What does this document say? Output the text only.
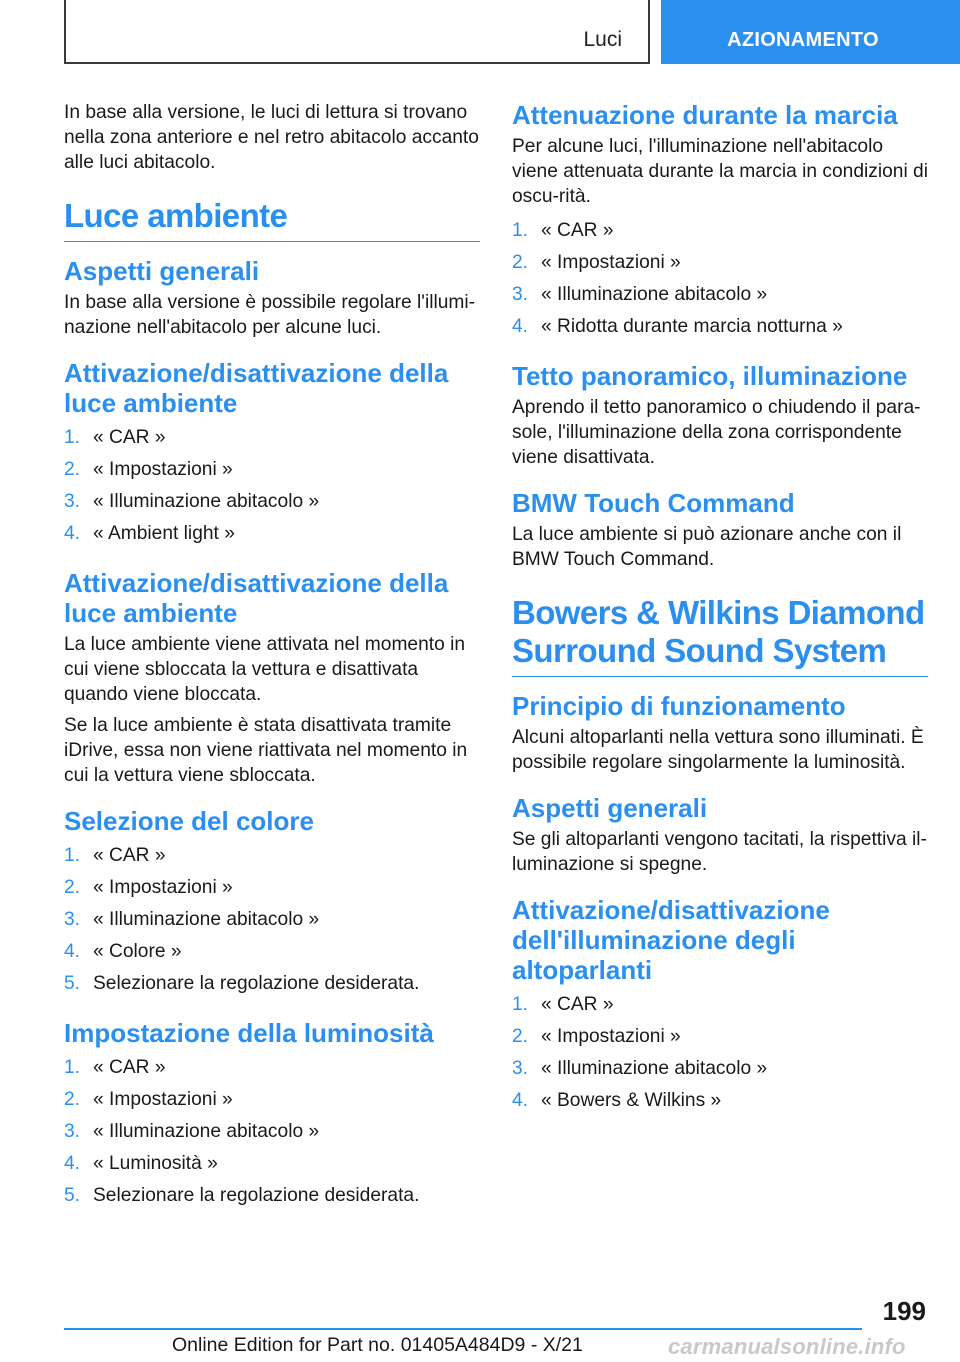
Luci	AZIONAMENTO

In base alla versione, le luci di lettura si trovano nella zona anteriore e nel retro abitacolo accanto alle luci abitacolo.

Luce ambiente
Aspetti generali

In base alla versione è possibile regolare l'illumi-nazione nell'abitacolo per alcune luci.

Attivazione/disattivazione della luce ambiente
1. « CAR »
2. « Impostazioni »
3. « Illuminazione abitacolo »
4. « Ambient light »
Attivazione/disattivazione della luce ambiente

La luce ambiente viene attivata nel momento in cui viene sbloccata la vettura e disattivata quando viene bloccata.

Se la luce ambiente è stata disattivata tramite iDrive, essa non viene riattivata nel momento in cui la vettura viene sbloccata.

Selezione del colore
1. « CAR »
2. « Impostazioni »
3. « Illuminazione abitacolo »
4. « Colore »
5. Selezionare la regolazione desiderata.
Impostazione della luminosità
1. « CAR »
2. « Impostazioni »
3. « Illuminazione abitacolo »
4. « Luminosità »
5. Selezionare la regolazione desiderata.
Attenuazione durante la marcia

Per alcune luci, l'illuminazione nell'abitacolo viene attenuata durante la marcia in condizioni di oscu-rità.

1. « CAR »
2. « Impostazioni »
3. « Illuminazione abitacolo »
4. « Ridotta durante marcia notturna »
Tetto panoramico, illuminazione

Aprendo il tetto panoramico o chiudendo il para-sole, l'illuminazione della zona corrispondente viene disattivata.

BMW Touch Command

La luce ambiente si può azionare anche con il BMW Touch Command.

Bowers & Wilkins Diamond Surround Sound System
Principio di funzionamento

Alcuni altoparlanti nella vettura sono illuminati. È possibile regolare singolarmente la luminosità.

Aspetti generali

Se gli altoparlanti vengono tacitati, la rispettiva il-luminazione si spegne.

Attivazione/disattivazione dell'illuminazione degli altoparlanti
1. « CAR »
2. « Impostazioni »
3. « Illuminazione abitacolo »
4. « Bowers & Wilkins »
199
Online Edition for Part no. 01405A484D9 - X/21	carmanualsonline.info
